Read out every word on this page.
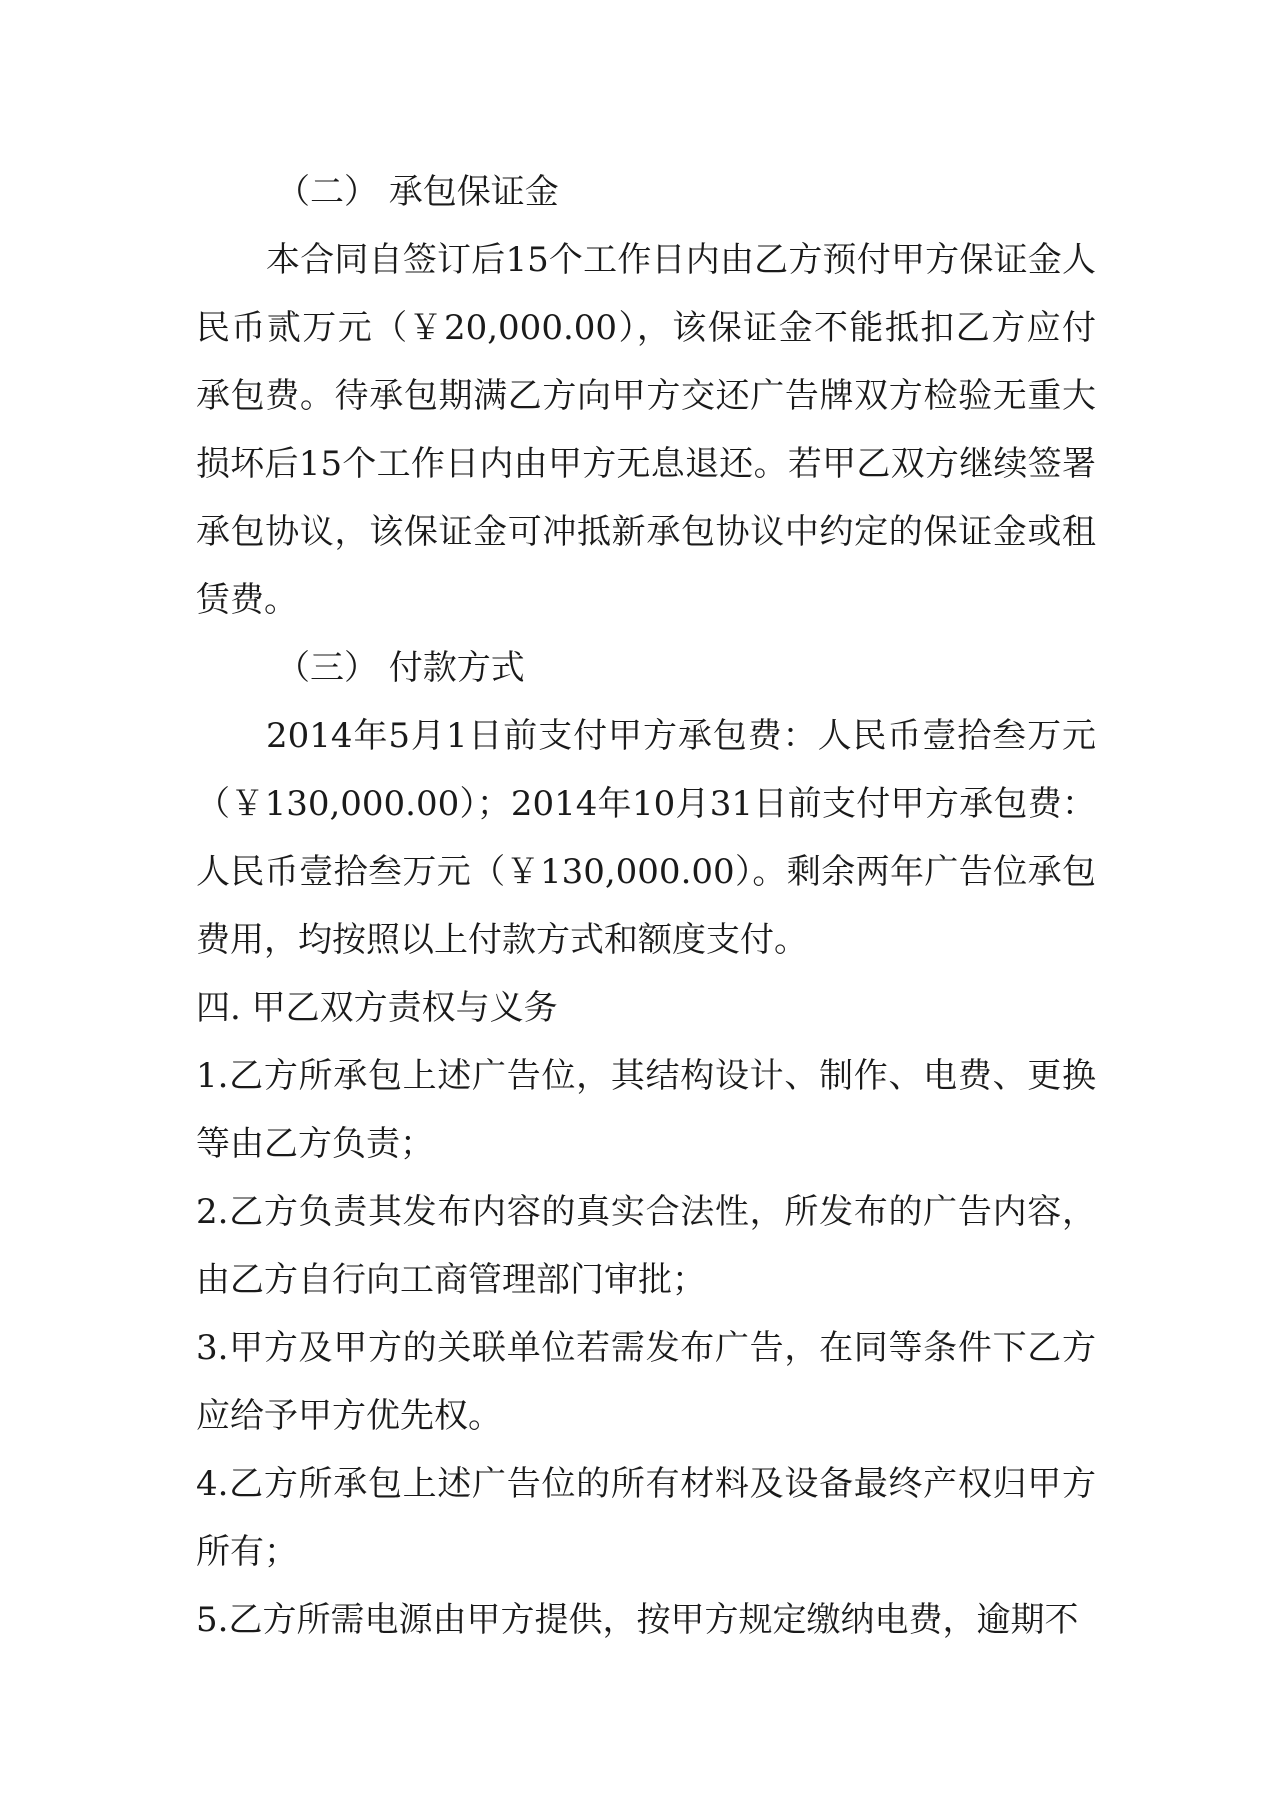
（二） 承包保证金

本合同自签订后15个工作日内由乙方预付甲方保证金人民币贰万元（￥20,000.00），该保证金不能抵扣乙方应付承包费。待承包期满乙方向甲方交还广告牌双方检验无重大损坏后15个工作日内由甲方无息退还。若甲乙双方继续签署承包协议，该保证金可冲抵新承包协议中约定的保证金或租赁费。

（三） 付款方式

2014年5月1日前支付甲方承包费：人民币壹拾叁万元（￥130,000.00）；2014年10月31日前支付甲方承包费：人民币壹拾叁万元（￥130,000.00）。剩余两年广告位承包费用，均按照以上付款方式和额度支付。

四. 甲乙双方责权与义务

1.乙方所承包上述广告位，其结构设计、制作、电费、更换等由乙方负责；

2.乙方负责其发布内容的真实合法性，所发布的广告内容，由乙方自行向工商管理部门审批；

3.甲方及甲方的关联单位若需发布广告，在同等条件下乙方应给予甲方优先权。

4.乙方所承包上述广告位的所有材料及设备最终产权归甲方所有；

5.乙方所需电源由甲方提供，按甲方规定缴纳电费，逾期不
